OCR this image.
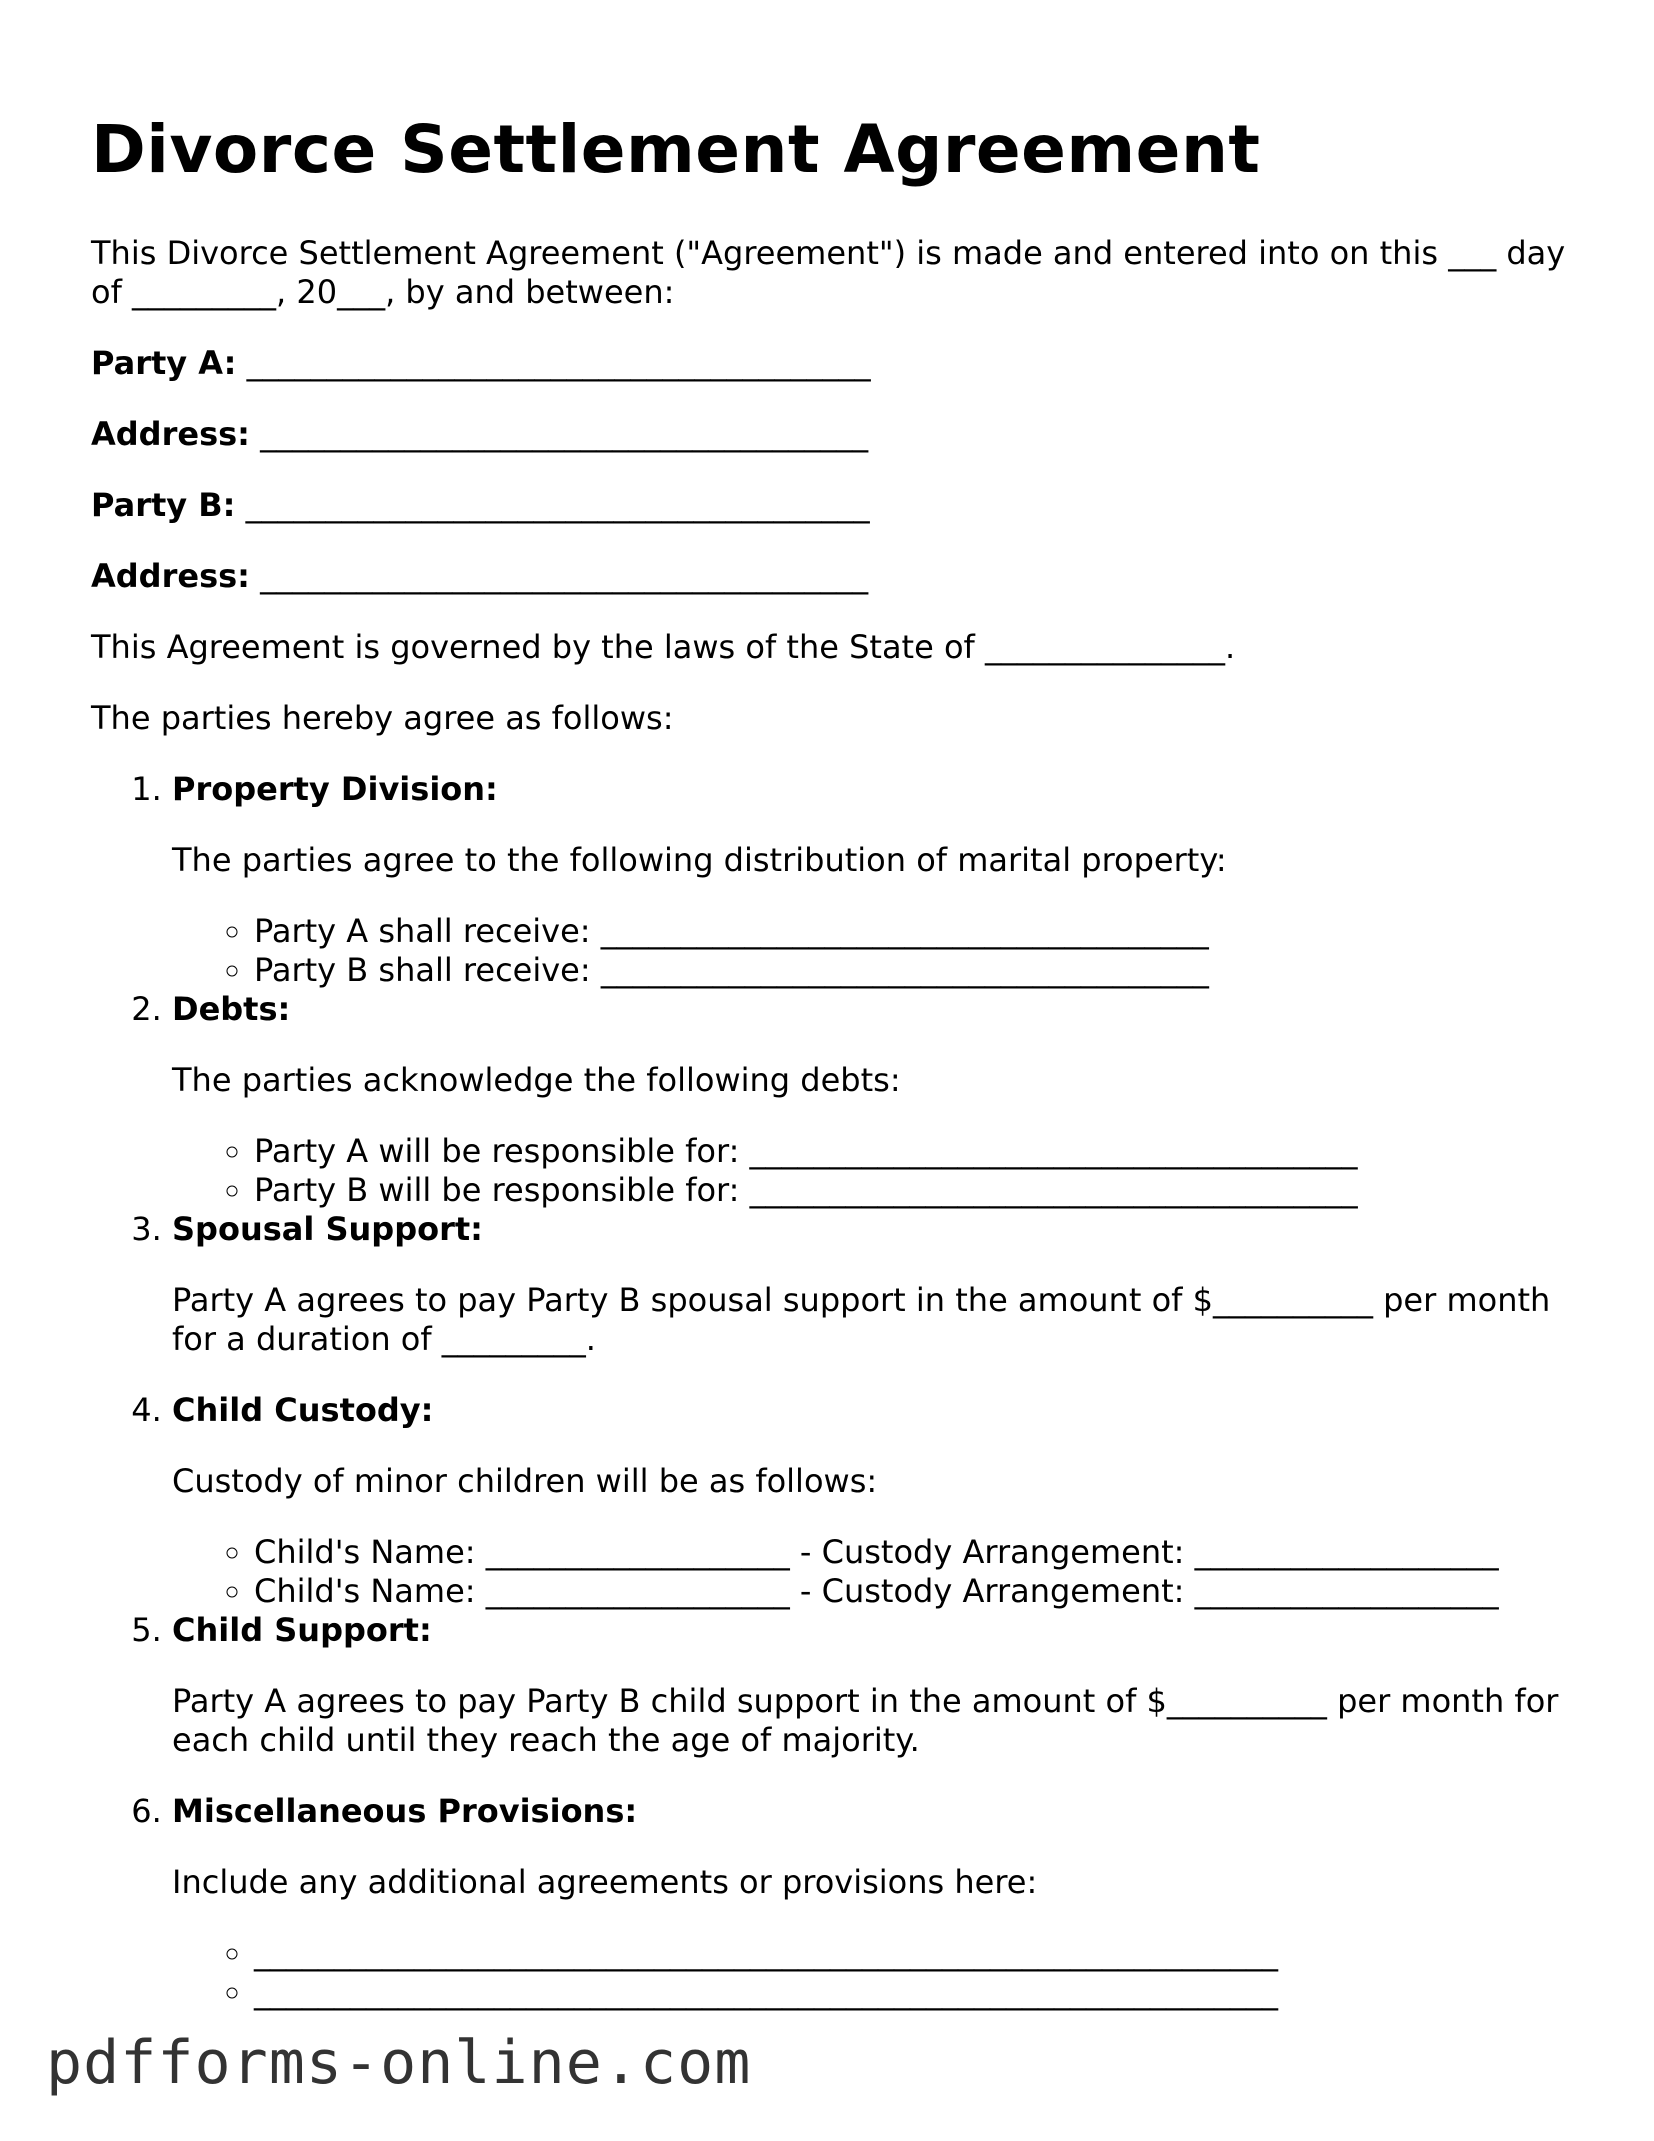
Divorce Settlement Agreement

This Divorce Settlement Agreement ("Agreement") is made and entered into on this ___ day of _________, 20___, by and between:

Party A: _______________________________________

Address: ______________________________________

Party B: _______________________________________

Address: ______________________________________

This Agreement is governed by the laws of the State of _______________.

The parties hereby agree as follows:

1. Property Division:

The parties agree to the following distribution of marital property:

◦ Party A shall receive: ______________________________________
◦ Party B shall receive: ______________________________________
2. Debts:

The parties acknowledge the following debts:

◦ Party A will be responsible for: ______________________________________
◦ Party B will be responsible for: ______________________________________
3. Spousal Support:

Party A agrees to pay Party B spousal support in the amount of $__________ per month for a duration of _________.

4. Child Custody:

Custody of minor children will be as follows:

◦ Child's Name: ___________________ - Custody Arrangement: ___________________
◦ Child's Name: ___________________ - Custody Arrangement: ___________________
5. Child Support:

Party A agrees to pay Party B child support in the amount of $__________ per month for each child until they reach the age of majority.

6. Miscellaneous Provisions:

Include any additional agreements or provisions here:

◦ ________________________________________________________________
◦ ________________________________________________________________
pdfforms-online.com
